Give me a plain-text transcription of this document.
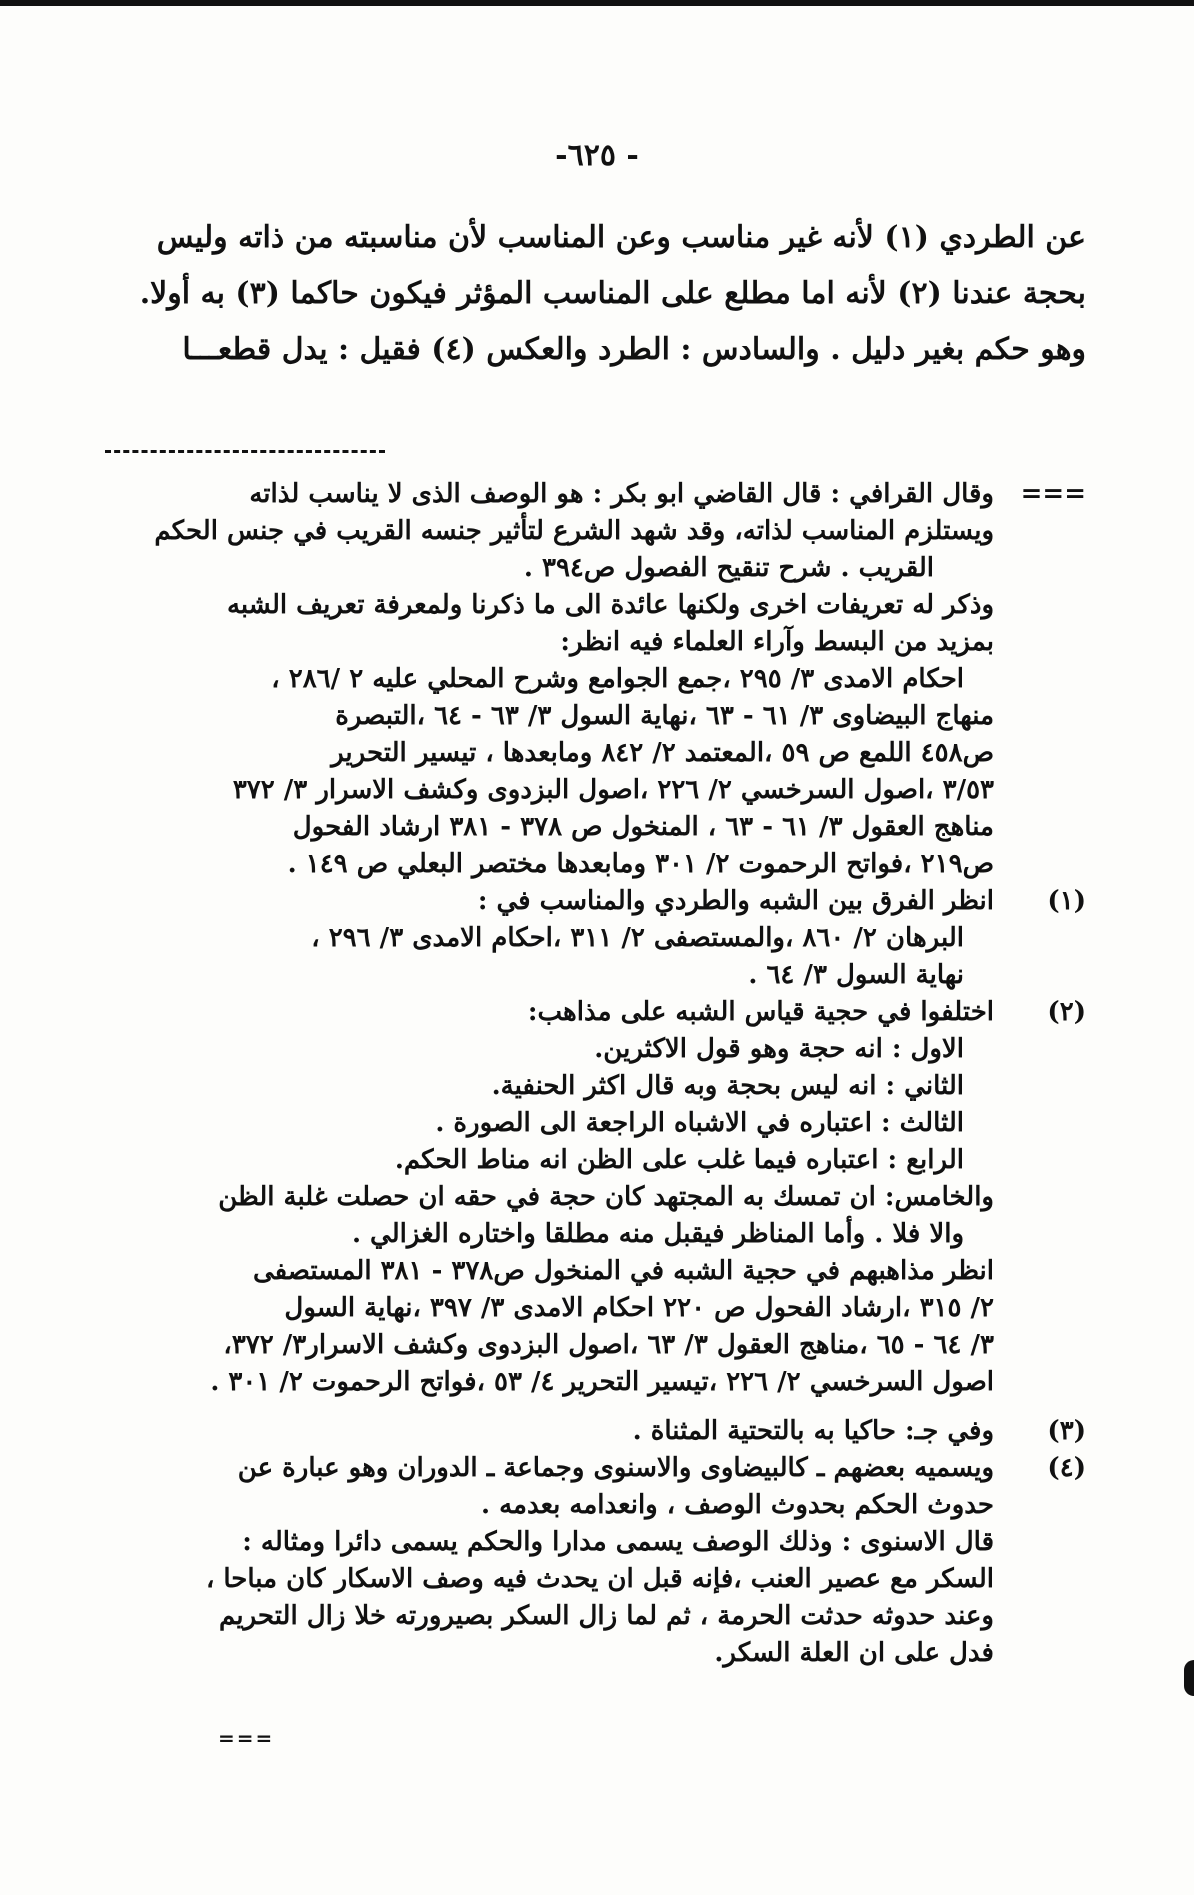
- ٦٢٥-
عن الطردي (١) لأنه غير مناسب وعن المناسب لأن مناسبته من ذاته وليس
بحجة عندنا (٢) لأنه اما مطلع على المناسب المؤثر فيكون حاكما (٣) به أولا.
وهو حكم بغير دليل . والسادس : الطرد والعكس (٤) فقيل : يدل قطعـــا
===
وقال القرافي : قال القاضي ابو بكر : هو الوصف الذى لا يناسب لذاته
ويستلزم المناسب لذاته، وقد شهد الشرع لتأثير جنسه القريب في جنس الحكم
القريب . شرح تنقيح الفصول ص٣٩٤ .
وذكر له تعريفات اخرى ولكنها عائدة الى ما ذكرنا ولمعرفة تعريف الشبه
بمزيد من البسط وآراء العلماء فيه انظر:
احكام الامدى ٣/ ٢٩٥ ،جمع الجوامع وشرح المحلي عليه ٢ /٢٨٦ ،
منهاج البيضاوى ٣/ ٦١ - ٦٣ ،نهاية السول ٣/ ٦٣ - ٦٤ ،التبصرة
ص٤٥٨ اللمع ص ٥٩ ،المعتمد ٢/ ٨٤٢ ومابعدها ، تيسير التحرير
٣/٥٣ ،اصول السرخسي ٢/ ٢٢٦ ،اصول البزدوى وكشف الاسرار ٣/ ٣٧٢
مناهج العقول ٣/ ٦١ - ٦٣ ، المنخول ص ٣٧٨ - ٣٨١ ارشاد الفحول
ص٢١٩ ،فواتح الرحموت ٢/ ٣٠١ ومابعدها مختصر البعلي ص ١٤٩ .
(١)
انظر الفرق بين الشبه والطردي والمناسب في :
البرهان ٢/ ٨٦٠ ،والمستصفى ٢/ ٣١١ ،احكام الامدى ٣/ ٢٩٦ ،
نهاية السول ٣/ ٦٤ .
(٢)
اختلفوا في حجية قياس الشبه على مذاهب:
الاول : انه حجة وهو قول الاكثرين.
الثاني : انه ليس بحجة وبه قال اكثر الحنفية.
الثالث : اعتباره في الاشباه الراجعة الى الصورة .
الرابع : اعتباره فيما غلب على الظن انه مناط الحكم.
والخامس: ان تمسك به المجتهد كان حجة في حقه ان حصلت غلبة الظن
والا فلا . وأما المناظر فيقبل منه مطلقا واختاره الغزالي .
انظر مذاهبهم في حجية الشبه في المنخول ص٣٧٨ - ٣٨١ المستصفى
٢/ ٣١٥ ،ارشاد الفحول ص ٢٢٠ احكام الامدى ٣/ ٣٩٧ ،نهاية السول
٣/ ٦٤ - ٦٥ ،مناهج العقول ٣/ ٦٣ ،اصول البزدوى وكشف الاسرار٣/ ٣٧٢،
اصول السرخسي ٢/ ٢٢٦ ،تيسير التحرير ٤/ ٥٣ ،فواتح الرحموت ٢/ ٣٠١ .
(٣)
وفي جـ: حاكيا به بالتحتية المثناة .
(٤)
ويسميه بعضهم ـ كالبيضاوى والاسنوى وجماعة ـ الدوران وهو عبارة عن
حدوث الحكم بحدوث الوصف ، وانعدامه بعدمه .
قال الاسنوى : وذلك الوصف يسمى مدارا والحكم يسمى دائرا ومثاله :
السكر مع عصير العنب ،فإنه قبل ان يحدث فيه وصف الاسكار كان مباحا ،
وعند حدوثه حدثت الحرمة ، ثم لما زال السكر بصيرورته خلا زال التحريم
فدل على ان العلة السكر.
===
